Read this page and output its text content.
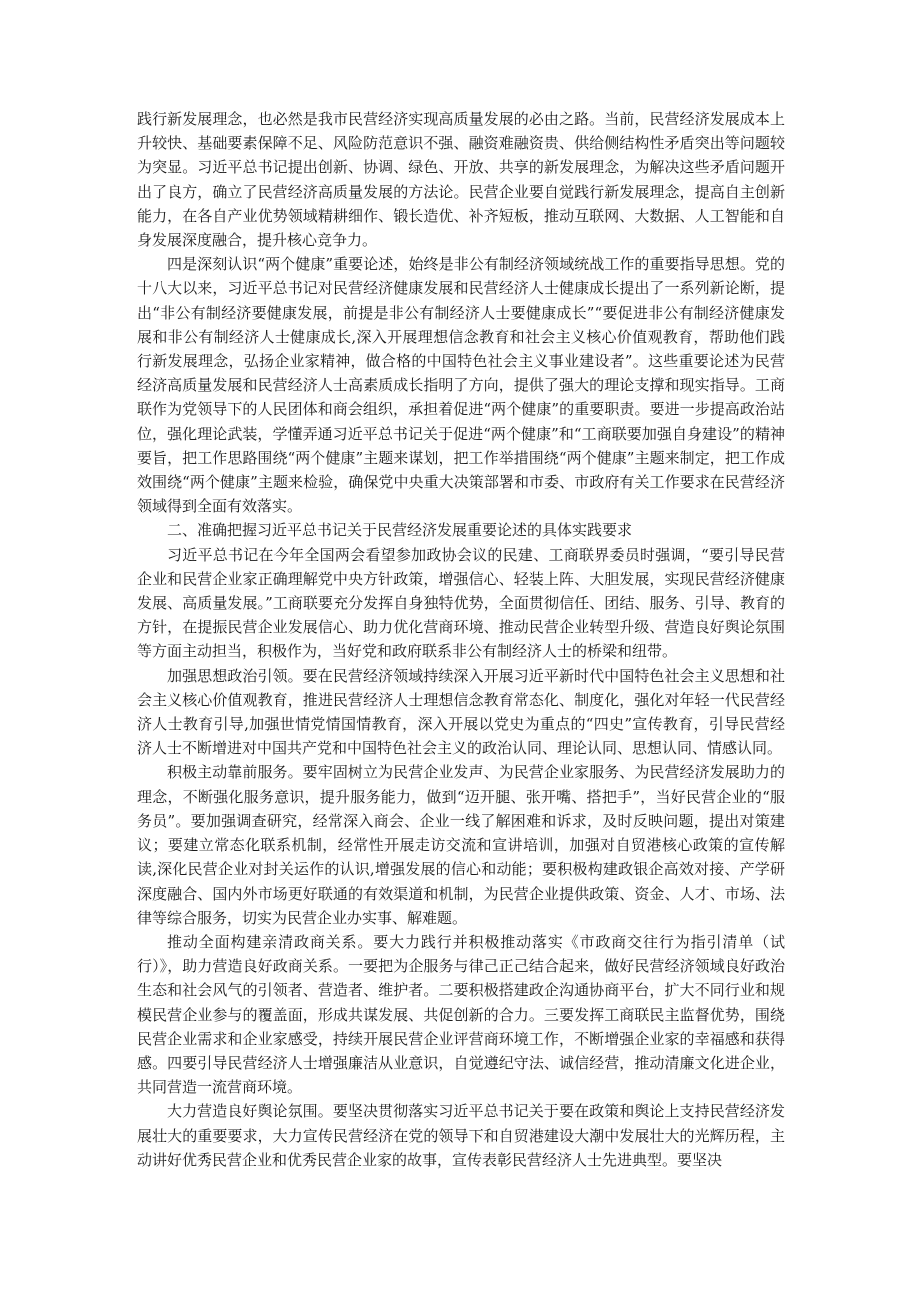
践行新发展理念，也必然是我市民营经济实现高质量发展的必由之路。当前，民营经济发展成本上升较快、基础要素保障不足、风险防范意识不强、融资难融资贵、供给侧结构性矛盾突出等问题较为突显。习近平总书记提出创新、协调、绿色、开放、共享的新发展理念，为解决这些矛盾问题开出了良方，确立了民营经济高质量发展的方法论。民营企业要自觉践行新发展理念，提高自主创新能力，在各自产业优势领域精耕细作、锻长造优、补齐短板，推动互联网、大数据、人工智能和自身发展深度融合，提升核心竞争力。

四是深刻认识“两个健康”重要论述，始终是非公有制经济领域统战工作的重要指导思想。党的十八大以来，习近平总书记对民营经济健康发展和民营经济人士健康成长提出了一系列新论断，提出“非公有制经济要健康发展，前提是非公有制经济人士要健康成长”“要促进非公有制经济健康发展和非公有制经济人士健康成长,深入开展理想信念教育和社会主义核心价值观教育，帮助他们践行新发展理念，弘扬企业家精神，做合格的中国特色社会主义事业建设者”。这些重要论述为民营经济高质量发展和民营经济人士高素质成长指明了方向，提供了强大的理论支撑和现实指导。工商联作为党领导下的人民团体和商会组织，承担着促进“两个健康”的重要职责。要进一步提高政治站位，强化理论武装，学懂弄通习近平总书记关于促进“两个健康”和“工商联要加强自身建设”的精神要旨，把工作思路围绕“两个健康”主题来谋划，把工作举措围绕“两个健康”主题来制定，把工作成效围绕“两个健康”主题来检验，确保党中央重大决策部署和市委、市政府有关工作要求在民营经济领域得到全面有效落实。

二、准确把握习近平总书记关于民营经济发展重要论述的具体实践要求

习近平总书记在今年全国两会看望参加政协会议的民建、工商联界委员时强调，“要引导民营企业和民营企业家正确理解党中央方针政策，增强信心、轻装上阵、大胆发展，实现民营经济健康发展、高质量发展。”工商联要充分发挥自身独特优势，全面贯彻信任、团结、服务、引导、教育的方针，在提振民营企业发展信心、助力优化营商环境、推动民营企业转型升级、营造良好舆论氛围等方面主动担当，积极作为，当好党和政府联系非公有制经济人士的桥梁和纽带。

加强思想政治引领。要在民营经济领域持续深入开展习近平新时代中国特色社会主义思想和社会主义核心价值观教育，推进民营经济人士理想信念教育常态化、制度化，强化对年轻一代民营经济人士教育引导,加强世情党情国情教育，深入开展以党史为重点的“四史”宣传教育，引导民营经济人士不断增进对中国共产党和中国特色社会主义的政治认同、理论认同、思想认同、情感认同。

积极主动靠前服务。要牢固树立为民营企业发声、为民营企业家服务、为民营经济发展助力的理念，不断强化服务意识，提升服务能力，做到“迈开腿、张开嘴、搭把手”，当好民营企业的“服务员”。要加强调查研究，经常深入商会、企业一线了解困难和诉求，及时反映问题，提出对策建议；要建立常态化联系机制，经常性开展走访交流和宣讲培训，加强对自贸港核心政策的宣传解读,深化民营企业对封关运作的认识,增强发展的信心和动能；要积极构建政银企高效对接、产学研深度融合、国内外市场更好联通的有效渠道和机制，为民营企业提供政策、资金、人才、市场、法律等综合服务，切实为民营企业办实事、解难题。

推动全面构建亲清政商关系。要大力践行并积极推动落实《市政商交往行为指引清单（试行）》，助力营造良好政商关系。一要把为企服务与律己正己结合起来，做好民营经济领域良好政治生态和社会风气的引领者、营造者、维护者。二要积极搭建政企沟通协商平台，扩大不同行业和规模民营企业参与的覆盖面，形成共谋发展、共促创新的合力。三要发挥工商联民主监督优势，围绕民营企业需求和企业家感受，持续开展民营企业评营商环境工作，不断增强企业家的幸福感和获得感。四要引导民营经济人士增强廉洁从业意识，自觉遵纪守法、诚信经营，推动清廉文化进企业，共同营造一流营商环境。

大力营造良好舆论氛围。要坚决贯彻落实习近平总书记关于要在政策和舆论上支持民营经济发展壮大的重要要求，大力宣传民营经济在党的领导下和自贸港建设大潮中发展壮大的光辉历程，主动讲好优秀民营企业和优秀民营企业家的故事，宣传表彰民营经济人士先进典型。要坚决
